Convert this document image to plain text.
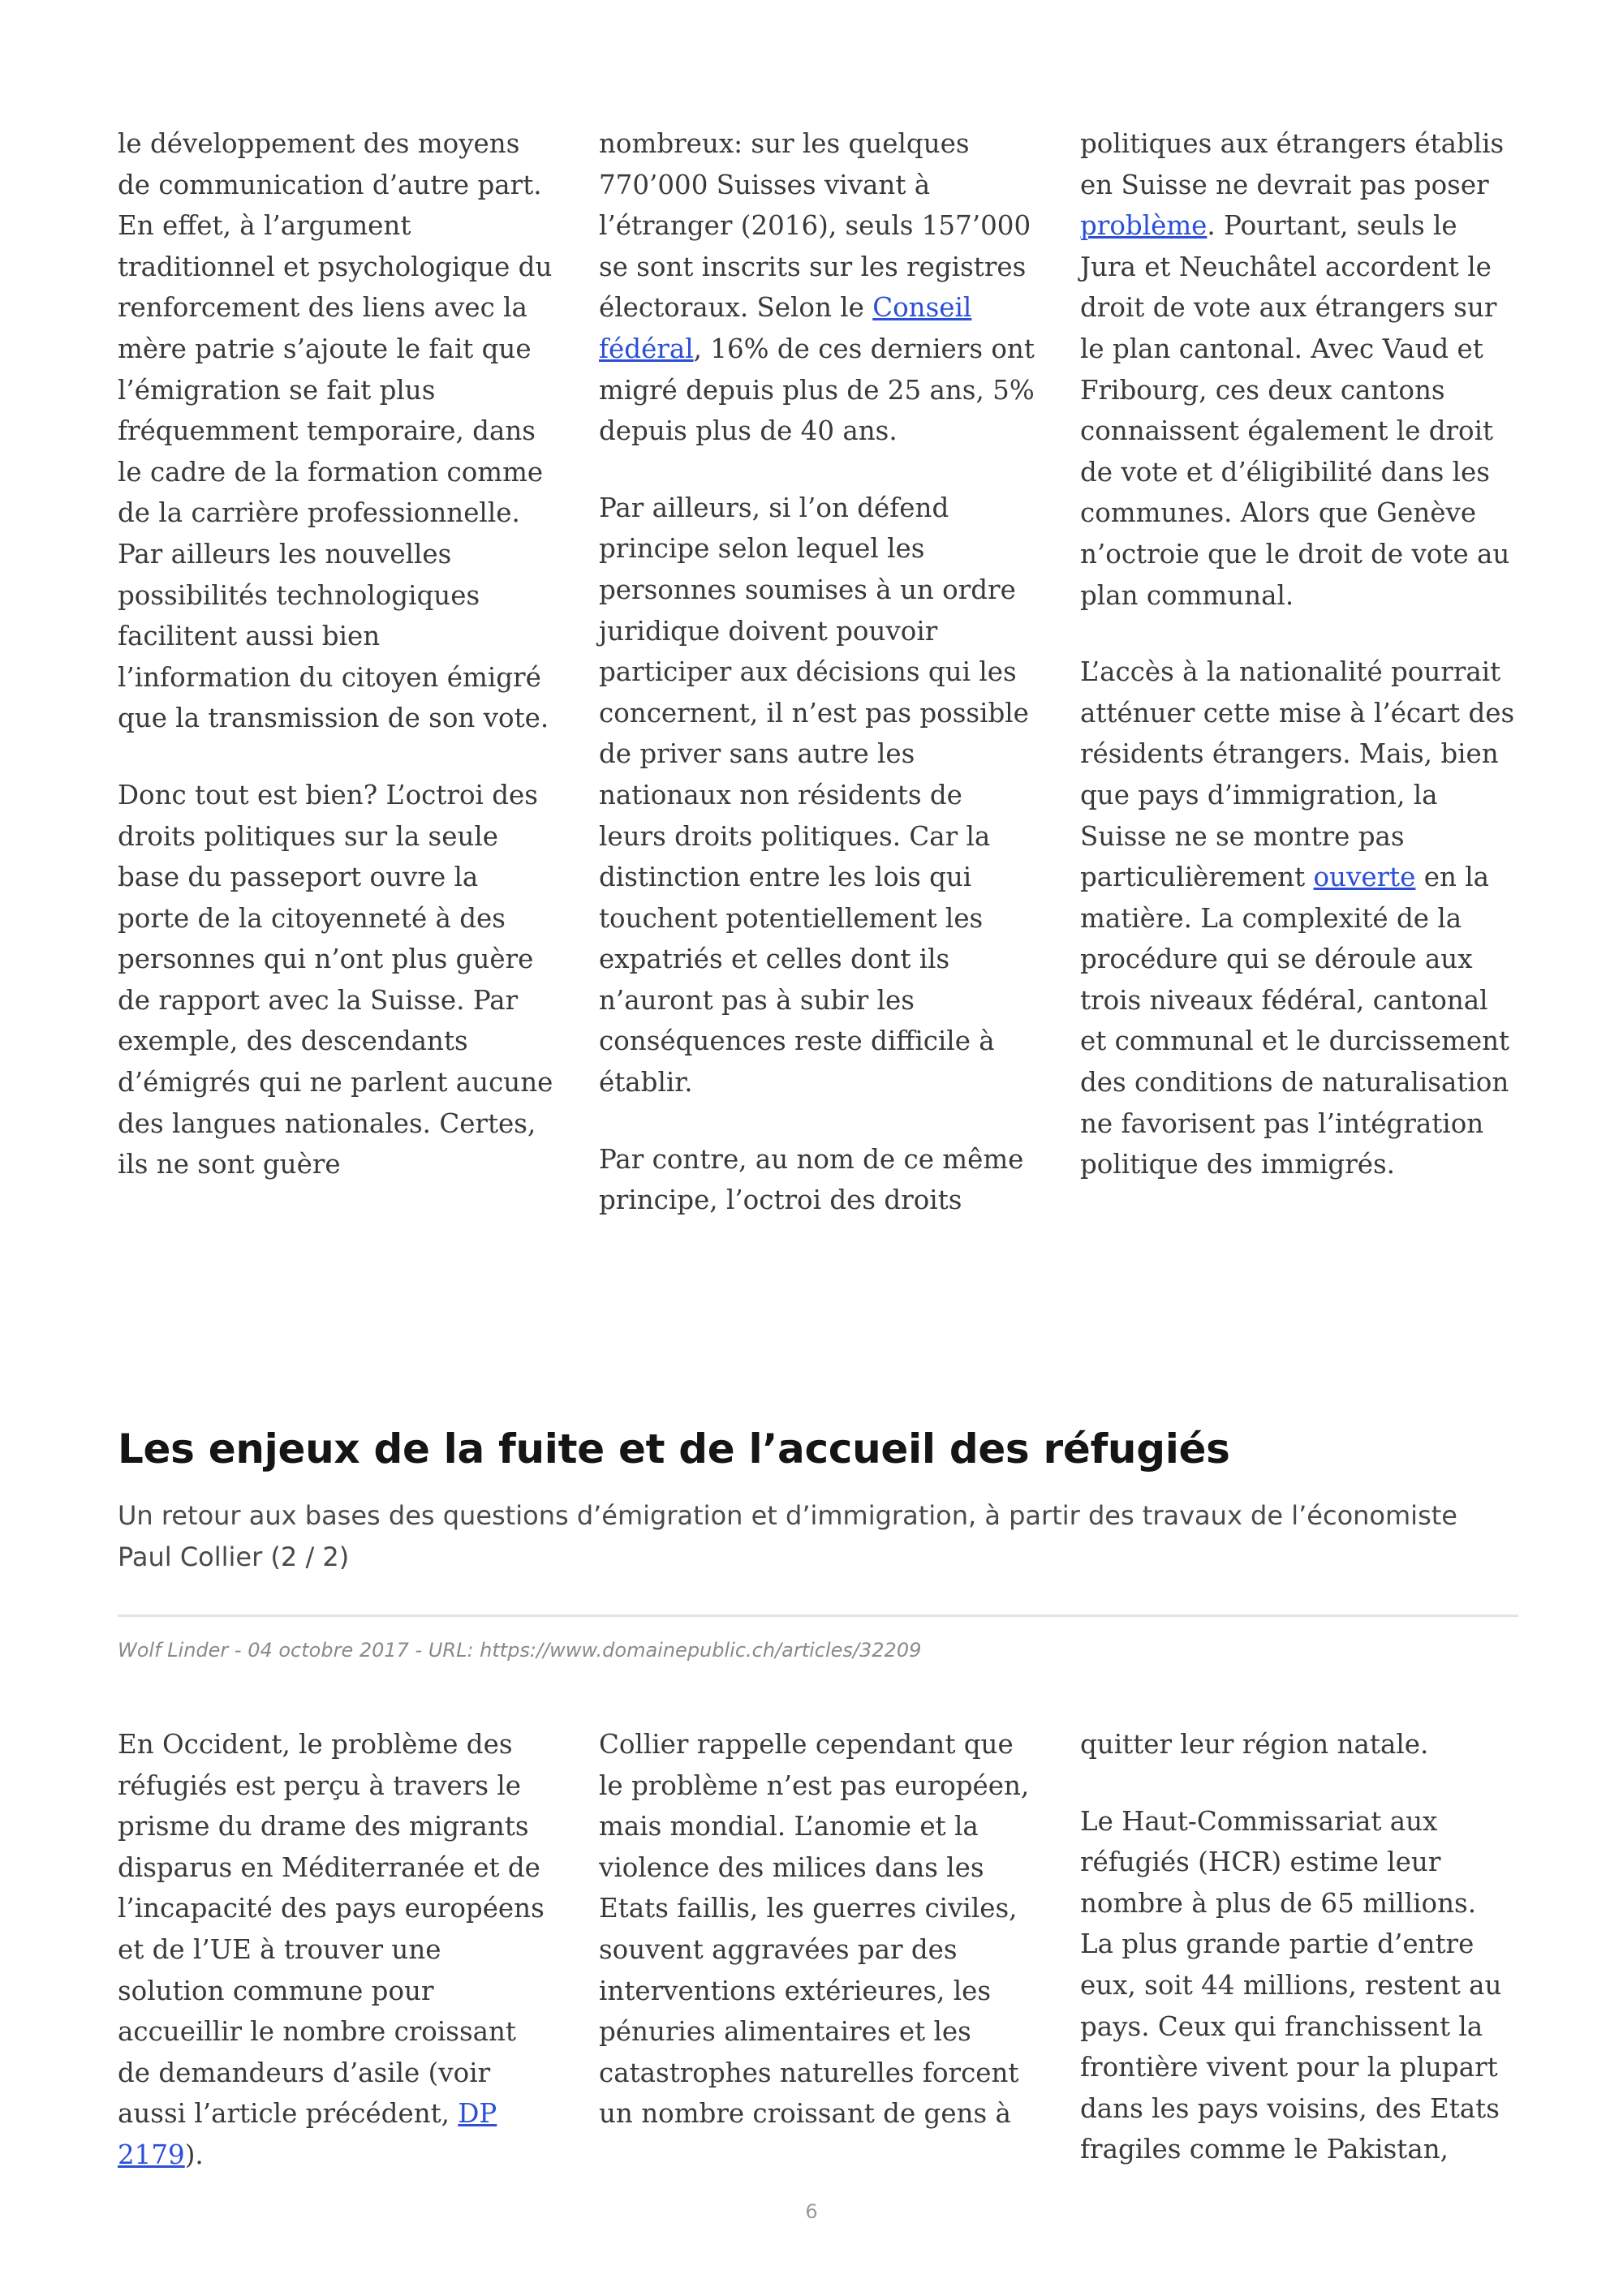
le développement des moyens de communication d’autre part. En effet, à l’argument traditionnel et psychologique du renforcement des liens avec la mère patrie s’ajoute le fait que l’émigration se fait plus fréquemment temporaire, dans le cadre de la formation comme de la carrière professionnelle. Par ailleurs les nouvelles possibilités technologiques facilitent aussi bien l’information du citoyen émigré que la transmission de son vote.

Donc tout est bien? L’octroi des droits politiques sur la seule base du passeport ouvre la porte de la citoyenneté à des personnes qui n’ont plus guère de rapport avec la Suisse. Par exemple, des descendants d’émigrés qui ne parlent aucune des langues nationales. Certes, ils ne sont guère

nombreux: sur les quelques 770’000 Suisses vivant à l’étranger (2016), seuls 157’000 se sont inscrits sur les registres électoraux. Selon le Conseil fédéral, 16% de ces derniers ont migré depuis plus de 25 ans, 5% depuis plus de 40 ans.

Par ailleurs, si l’on défend principe selon lequel les personnes soumises à un ordre juridique doivent pouvoir participer aux décisions qui les concernent, il n’est pas possible de priver sans autre les nationaux non résidents de leurs droits politiques. Car la distinction entre les lois qui touchent potentiellement les expatriés et celles dont ils n’auront pas à subir les conséquences reste difficile à établir.

Par contre, au nom de ce même principe, l’octroi des droits

politiques aux étrangers établis en Suisse ne devrait pas poser problème. Pourtant, seuls le Jura et Neuchâtel accordent le droit de vote aux étrangers sur le plan cantonal. Avec Vaud et Fribourg, ces deux cantons connaissent également le droit de vote et d’éligibilité dans les communes. Alors que Genève n’octroie que le droit de vote au plan communal.

L’accès à la nationalité pourrait atténuer cette mise à l’écart des résidents étrangers. Mais, bien que pays d’immigration, la Suisse ne se montre pas particulièrement ouverte en la matière. La complexité de la procédure qui se déroule aux trois niveaux fédéral, cantonal et communal et le durcissement des conditions de naturalisation ne favorisent pas l’intégration politique des immigrés.

Les enjeux de la fuite et de l’accueil des réfugiés

Un retour aux bases des questions d’émigration et d’immigration, à partir des travaux de l’économiste Paul Collier (2 / 2)

Wolf Linder - 04 octobre 2017 - URL: https://www.domainepublic.ch/articles/32209

En Occident, le problème des réfugiés est perçu à travers le prisme du drame des migrants disparus en Méditerranée et de l’incapacité des pays européens et de l’UE à trouver une solution commune pour accueillir le nombre croissant de demandeurs d’asile (voir aussi l’article précédent, DP 2179).

Collier rappelle cependant que le problème n’est pas européen, mais mondial. L’anomie et la violence des milices dans les Etats faillis, les guerres civiles, souvent aggravées par des interventions extérieures, les pénuries alimentaires et les catastrophes naturelles forcent un nombre croissant de gens à

quitter leur région natale.

Le Haut-Commissariat aux réfugiés (HCR) estime leur nombre à plus de 65 millions. La plus grande partie d’entre eux, soit 44 millions, restent au pays. Ceux qui franchissent la frontière vivent pour la plupart dans les pays voisins, des Etats fragiles comme le Pakistan,

6
